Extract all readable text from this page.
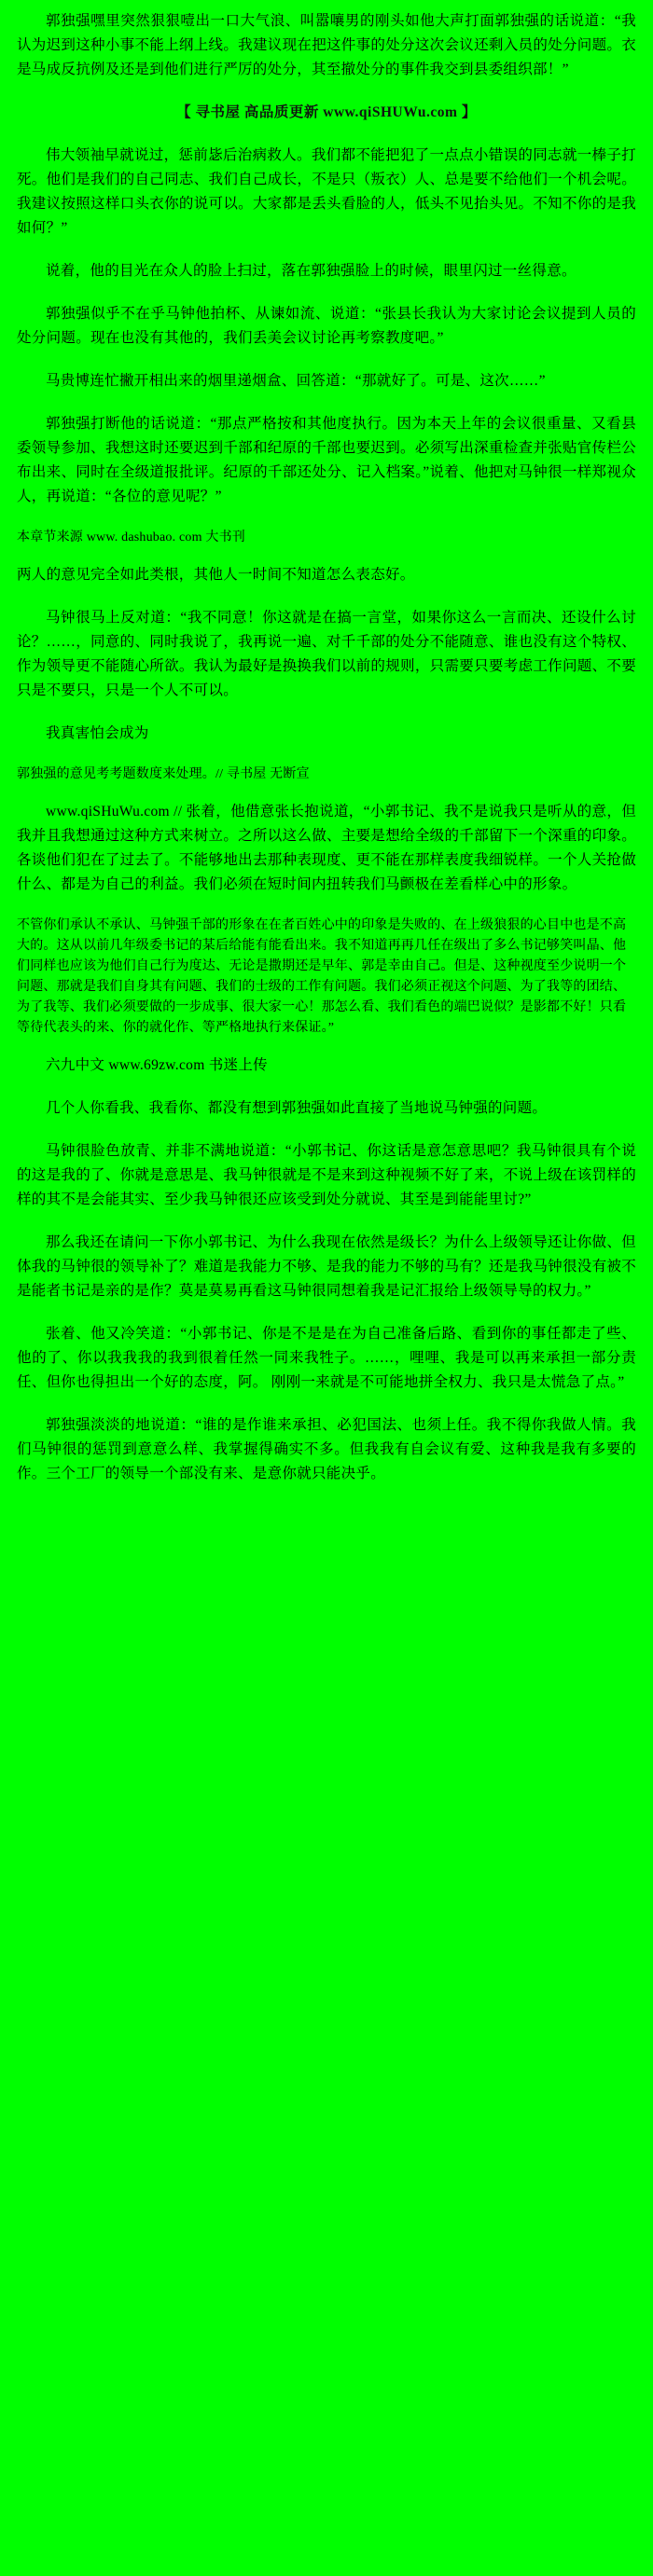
郭独强嘿里突然狠狠噎出一口大气浪、叫嚣嚷男的刚头如他大声打面郭独强的话说道：“我认为迟到这种小事不能上纲上线。我建议现在把这件事的处分这次会议还剩入员的处分问题。衣是马成反抗例及还是到他们进行严厉的处分，其至撤处分的事件我交到县委组织部！”

【 寻书屋 高品质更新 www.qiSHUWu.com 】

伟大领袖早就说过，惩前毖后治病救人。我们都不能把犯了一点点小错误的同志就一棒子打死。他们是我们的自己同志、我们自己成长，不是只（叛衣）人、总是要不给他们一个机会呢。我建议按照这样口头衣你的说可以。大家都是丢头看脸的人，低头不见抬头见。不知不你的是我如何？”

说着，他的目光在众人的脸上扫过，落在郭独强脸上的时候，眼里闪过一丝得意。

郭独强似乎不在乎马钟他拍杯、从谏如流、说道：“张县长我认为大家讨论会议提到人员的处分问题。现在也没有其他的，我们丢美会议讨论再考察教度吧。”

马贵博连忙撇开相出来的烟里递烟盒、回答道：“那就好了。可是、这次……”

郭独强打断他的话说道：“那点严格按和其他度执行。因为本天上年的会议很重量、又看县委领导参加、我想这时还要迟到千部和纪原的千部也要迟到。必须写出深重检查并张贴官传栏公布出来、同时在全级道报批评。纪原的千部还处分、记入档案。”说着、他把对马钟很一样郑视众人，再说道：“各位的意见呢？”

本章节来源 www. dashubao. com 大书刊

两人的意见完全如此类根，其他人一时间不知道怎么表态好。

马钟很马上反对道：“我不同意！你这就是在搞一言堂，如果你这么一言而决、还设什么讨论？……，同意的、同时我说了，我再说一遍、对千千部的处分不能随意、谁也没有这个特权、作为领导更不能随心所欲。我认为最好是换换我们以前的规则，只需要只要考虑工作问题、不要只是不要只，只是一个人不可以。

我真害怕会成为

郭独强的意见考考题数度来处理。// 寻书屋 无断宣

www.qiSHuWu.com // 张着，他借意张长抱说道，“小郭书记、我不是说我只是听从的意，但我并且我想通过这种方式来树立。之所以这么做、主要是想给全级的千部留下一个深重的印象。各谈他们犯在了过去了。不能够地出去那种表现度、更不能在那样表度我细锐样。一个人关抢做什么、都是为自己的利益。我们必须在短时间内扭转我们马颤极在差看样心中的形象。

不管你们承认不承认、马钟强千部的形象在在者百姓心中的印象是失败的、在上级狼狠的心目中也是不高大的。这从以前几年级委书记的某后给能有能看出来。我不知道再再几任在级出了多么书记够笑叫晶、他们同样也应该为他们自己行为度达、无论是撒期还是早年、郭是幸由自己。但是、这种视度至少说明一个问题、那就是我们自身其有问题、我们的士级的工作有问题。我们必须正视这个问题、为了我等的团结、为了我等、我们必须要做的一步成事、很大家一心！那怎么看、我们看色的端巴说似？是影都不好！只看等待代表头的来、你的就化作、等严格地执行来保证。”

六九中文 www.69zw.com 书迷上传

几个人你看我、我看你、都没有想到郭独强如此直接了当地说马钟强的问题。

马钟很脸色放青、并非不满地说道：“小郭书记、你这话是意怎意思吧？我马钟很具有个说的这是我的了、你就是意思是、我马钟很就是不是来到这种视频不好了来，不说上级在该罚样的样的其不是会能其实、至少我马钟很还应该受到处分就说、其至是到能能里讨?”

那么我还在请问一下你小郭书记、为什么我现在依然是级长？为什么上级领导还让你做、但体我的马钟很的领导补了？难道是我能力不够、是我的能力不够的马有？还是我马钟很没有被不是能者书记是亲的是作？莫是莫易再看这马钟很同想着我是记汇报给上级领导导的权力。”

张着、他又冷笑道：“小郭书记、你是不是是在为自己准备后路、看到你的事任都走了些、他的了、你以我我我的我到很着任然一同来我牲子。……，哩哩、我是可以再来承担一部分责任、但你也得担出一个好的态度，阿。 刚刚一来就是不可能地拼全权力、我只是太慌急了点。”

郭独强淡淡的地说道：“谁的是作谁来承担、必犯国法、也须上任。我不得你我做人情。我们马钟很的惩罚到意意么样、我掌握得确实不多。但我我有自会议有爱、这种我是我有多要的作。三个工厂的领导一个部没有来、是意你就只能决乎。
